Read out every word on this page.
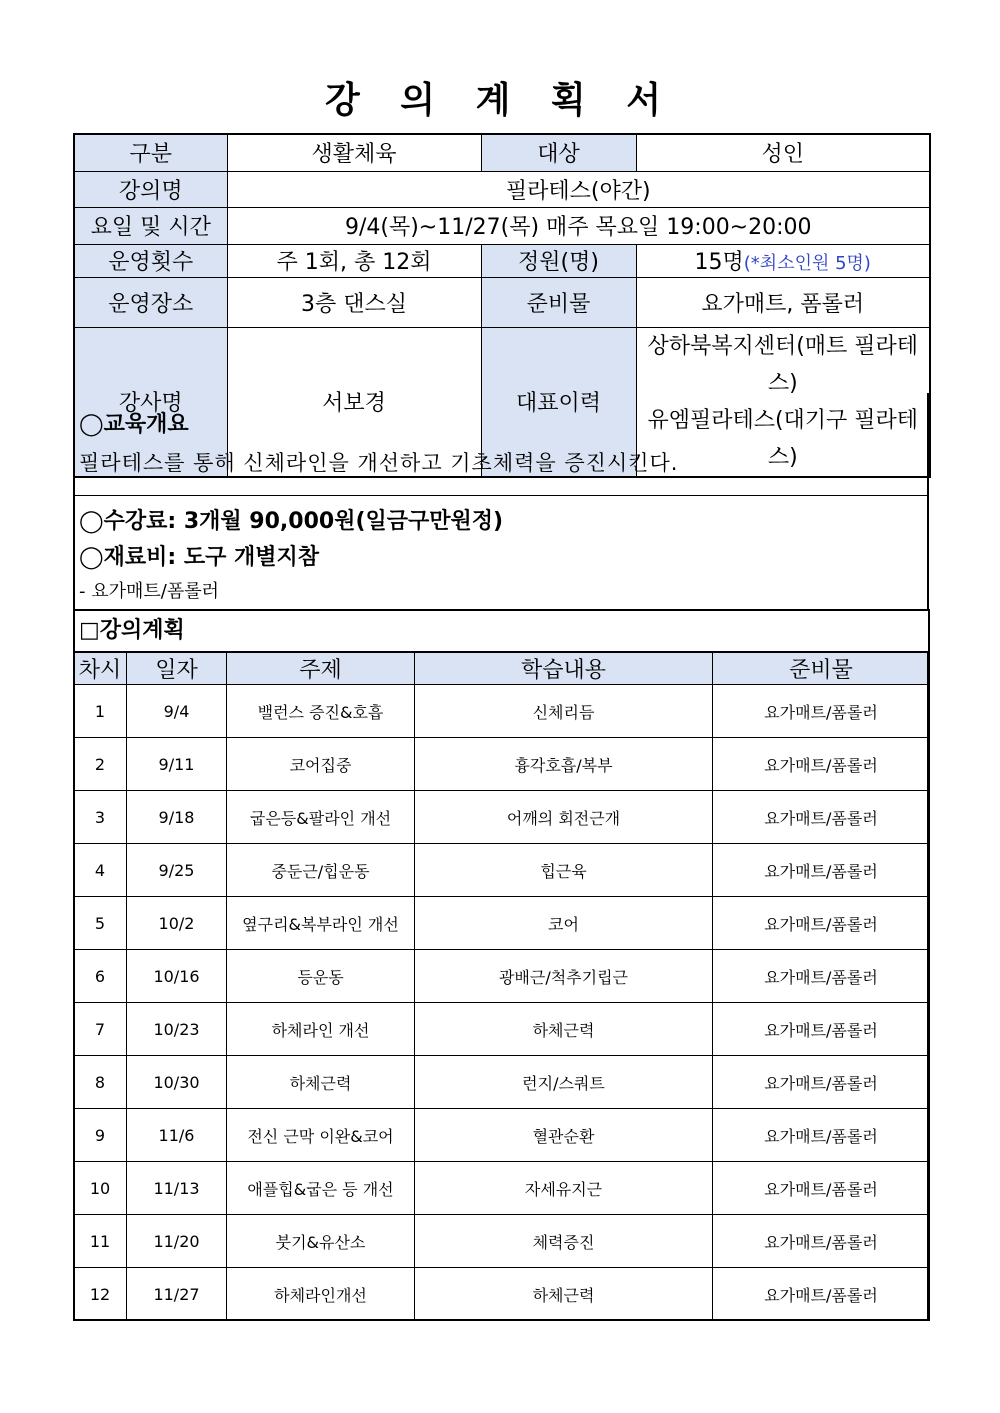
강 의 계 획 서
구분	생활체육	대상	성인
강의명	필라테스(야간)		
요일 및 시간	9/4(목)~11/27(목) 매주 목요일 19:00~20:00		
운영횟수	주 1회, 총 12회	정원(명)	15명(*최소인원 5명)
운영장소	3층 댄스실	준비물	요가매트, 폼롤러
강사명	서보경	대표이력	상하북복지센터(매트 필라테스)
유엠필라테스(대기구 필라테스)
◯교육개요
필라테스를 통해 신체라인을 개선하고 기초체력을 증진시킨다.
◯수강료: 3개월 90,000원(일금구만원정)
◯재료비: 도구 개별지참
- 요가매트/폼롤러
□강의계획
차시	일자	주제	학습내용	준비물
1	9/4	밸런스 증진&호흡	신체리듬	요가매트/폼롤러
2	9/11	코어집중	흉각호흡/복부	요가매트/폼롤러
3	9/18	굽은등&팔라인 개선	어깨의 회전근개	요가매트/폼롤러
4	9/25	중둔근/힙운동	힙근육	요가매트/폼롤러
5	10/2	옆구리&복부라인 개선	코어	요가매트/폼롤러
6	10/16	등운동	광배근/척추기립근	요가매트/폼롤러
7	10/23	하체라인 개선	하체근력	요가매트/폼롤러
8	10/30	하체근력	런지/스쿼트	요가매트/폼롤러
9	11/6	전신 근막 이완&코어	혈관순환	요가매트/폼롤러
10	11/13	애플힙&굽은 등 개선	자세유지근	요가매트/폼롤러
11	11/20	붓기&유산소	체력증진	요가매트/폼롤러
12	11/27	하체라인개선	하체근력	요가매트/폼롤러
